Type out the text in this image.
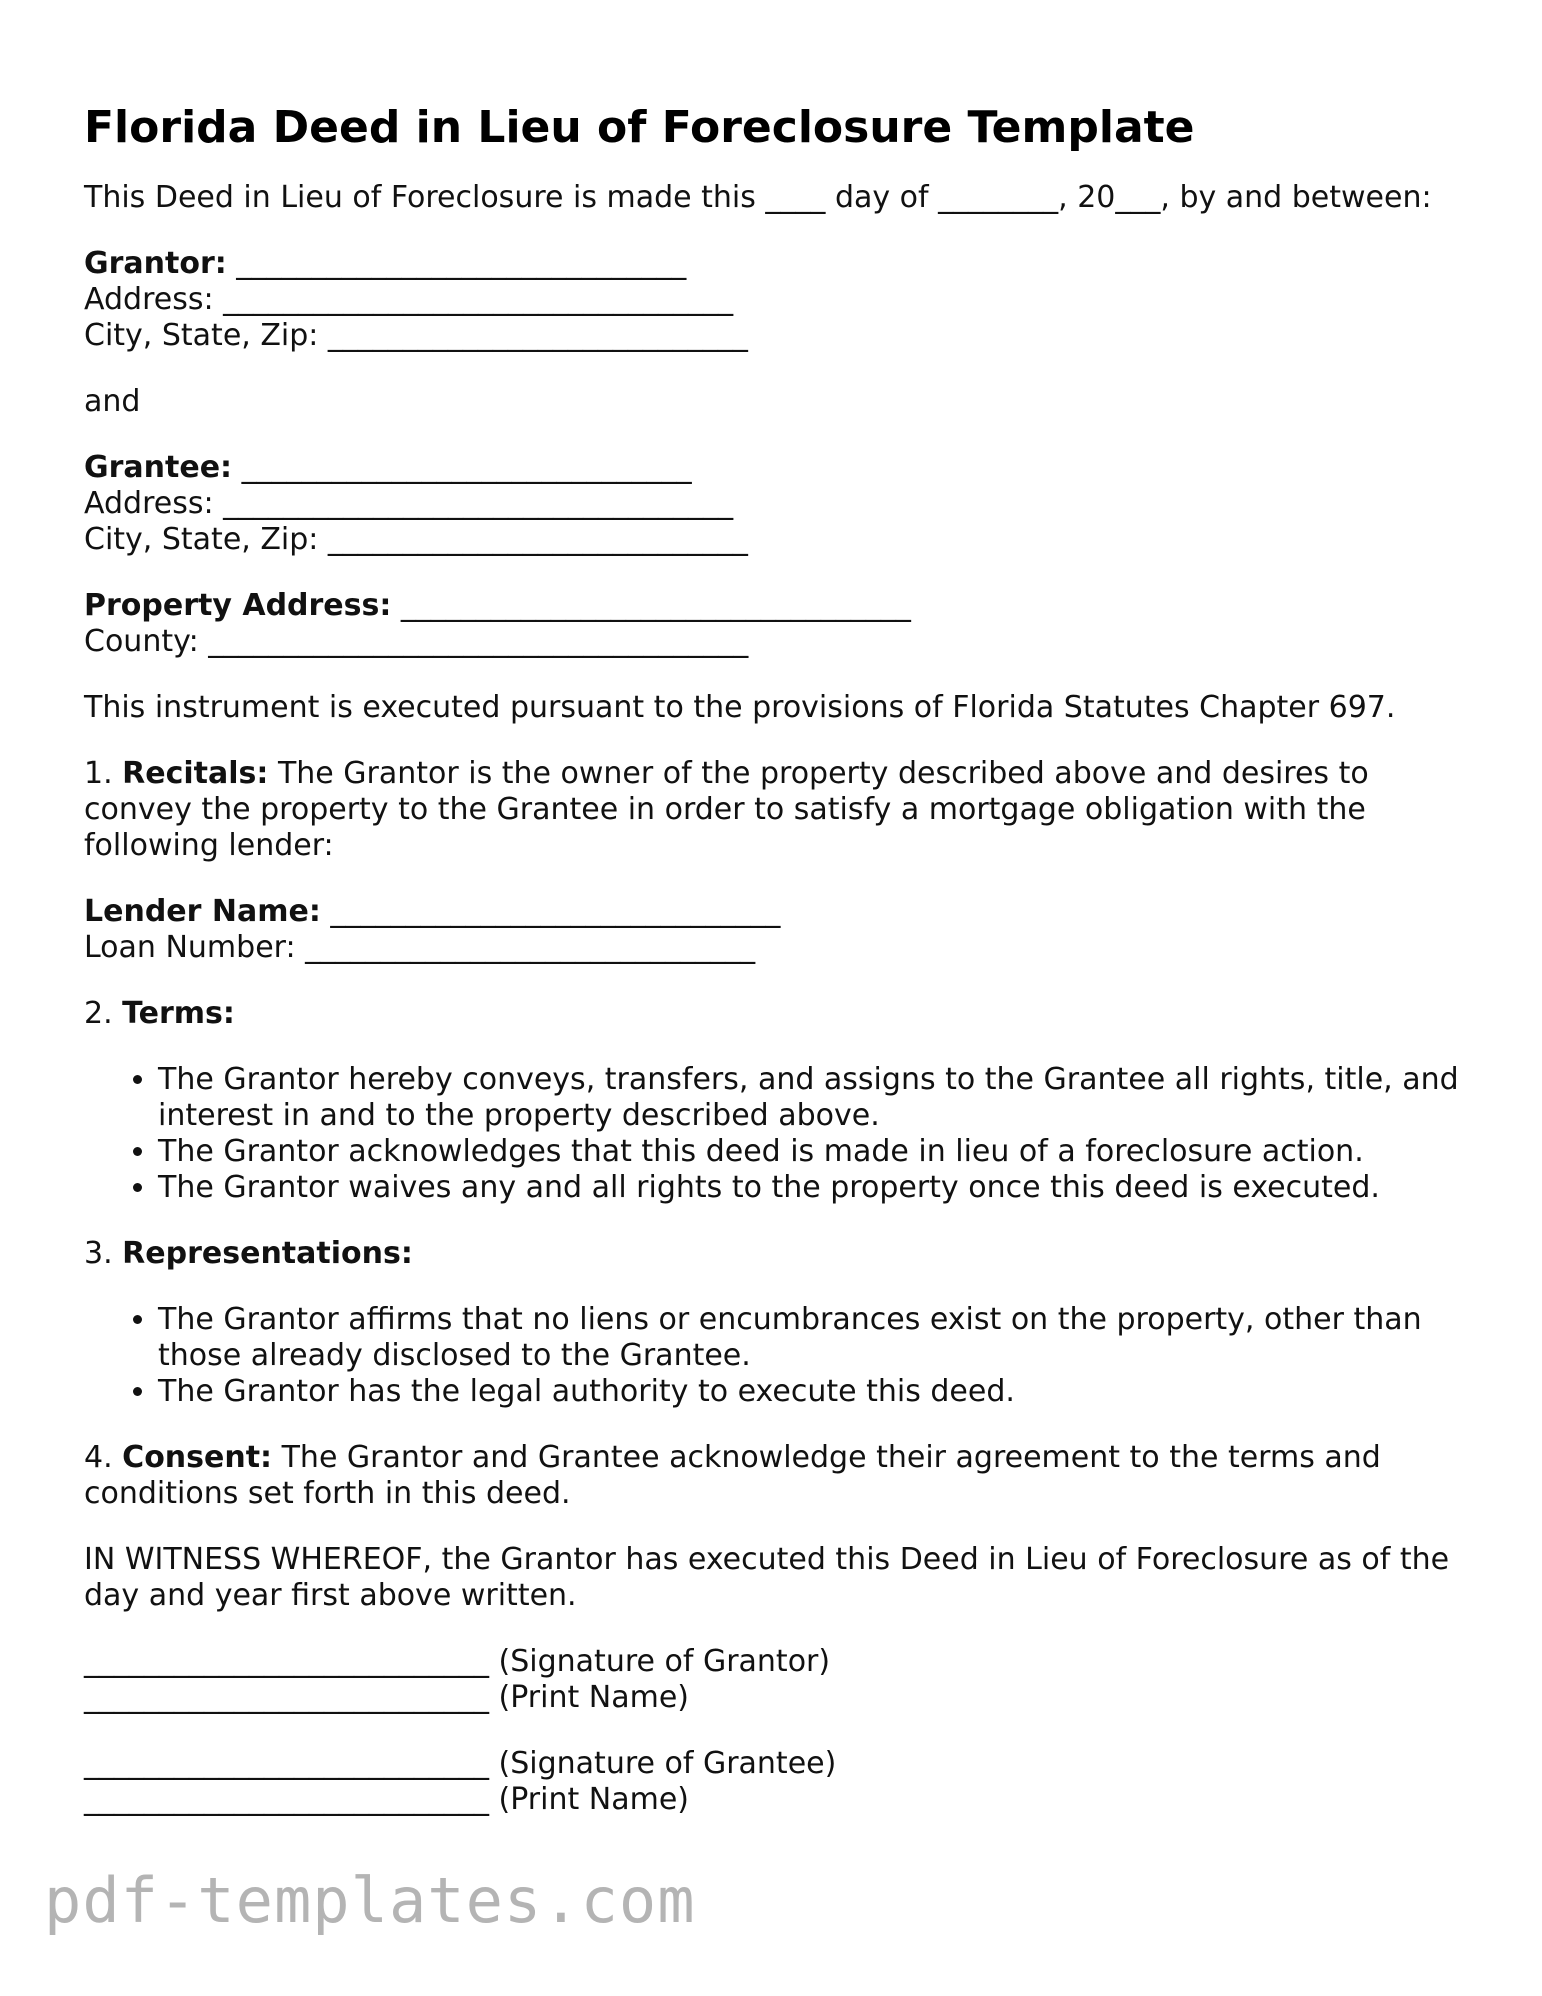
Florida Deed in Lieu of Foreclosure Template

This Deed in Lieu of Foreclosure is made this ____ day of ________, 20___, by and between:

Grantor: ______________________________
Address: __________________________________
City, State, Zip: ____________________________

and

Grantee: ______________________________
Address: __________________________________
City, State, Zip: ____________________________
Property Address: __________________________________
County: ____________________________________

This instrument is executed pursuant to the provisions of Florida Statutes Chapter 697.

1. Recitals: The Grantor is the owner of the property described above and desires to convey the property to the Grantee in order to satisfy a mortgage obligation with the following lender:

Lender Name: ______________________________
Loan Number: ______________________________

2. Terms:

• The Grantor hereby conveys, transfers, and assigns to the Grantee all rights, title, and interest in and to the property described above.
• The Grantor acknowledges that this deed is made in lieu of a foreclosure action.
• The Grantor waives any and all rights to the property once this deed is executed.

3. Representations:

• The Grantor affirms that no liens or encumbrances exist on the property, other than those already disclosed to the Grantee.
• The Grantor has the legal authority to execute this deed.

4. Consent: The Grantor and Grantee acknowledge their agreement to the terms and conditions set forth in this deed.

IN WITNESS WHEREOF, the Grantor has executed this Deed in Lieu of Foreclosure as of the day and year first above written.

___________________________ (Signature of Grantor)
___________________________ (Print Name)
___________________________ (Signature of Grantee)
___________________________ (Print Name)
pdf-templates.com
